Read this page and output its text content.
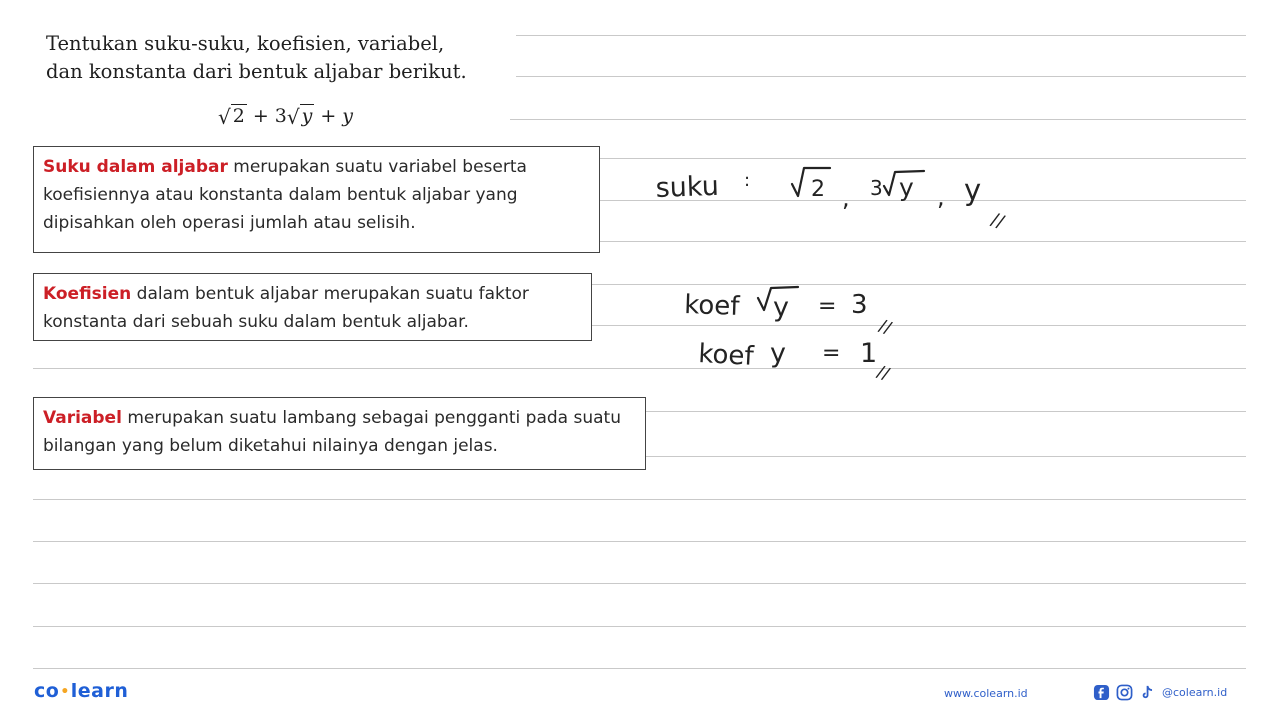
Tentukan suku-suku, koefisien, variabel,
dan konstanta dari bentuk aljabar berikut.
√ 2 + 3 √ y + y
Suku dalam aljabar merupakan suatu variabel beserta koefisiennya atau konstanta dalam bentuk aljabar yang dipisahkan oleh operasi jumlah atau selisih.
Koefisien dalam bentuk aljabar merupakan suatu faktor konstanta dari sebuah suku dalam bentuk aljabar.
Variabel merupakan suatu lambang sebagai pengganti pada suatu bilangan yang belum diketahui nilainya dengan jelas.
suku :	2 , 3 y , y
//
koef y = 3
//
koef y = 1
//
co•learn	www.colearn.id	@colearn.id
